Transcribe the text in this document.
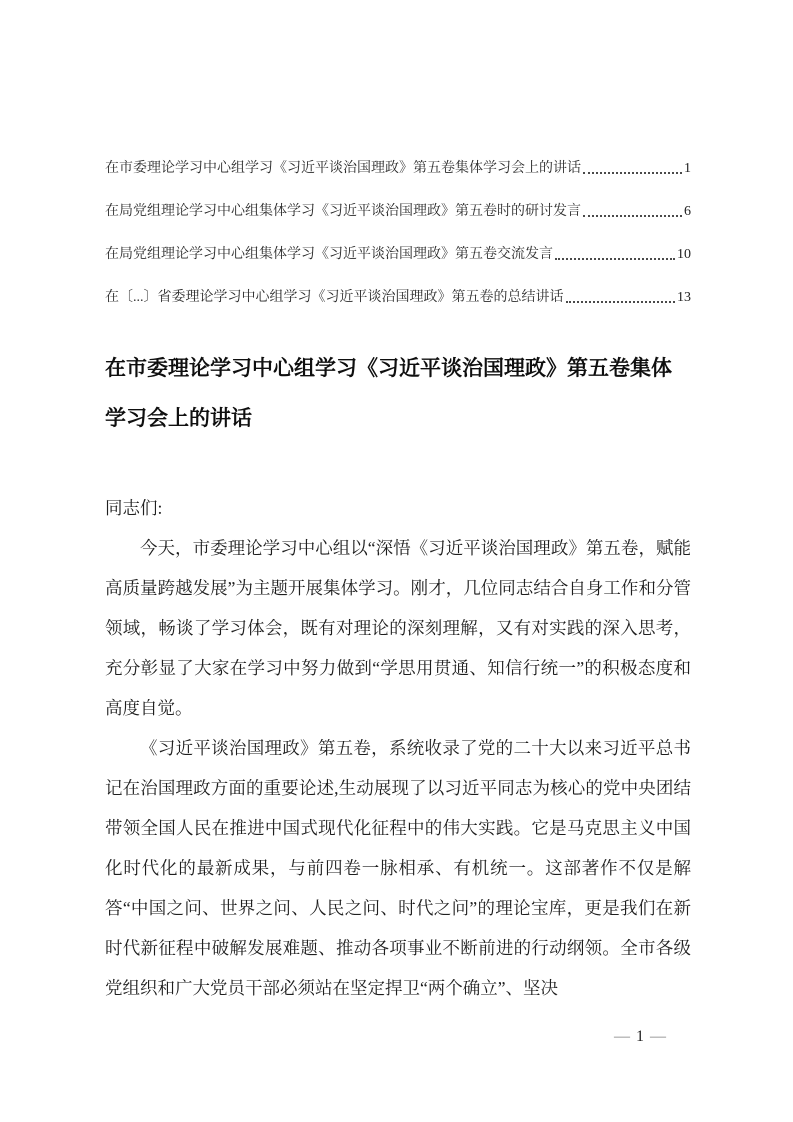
在市委理论学习中心组学习《习近平谈治国理政》第五卷集体学习会上的讲话	1
在局党组理论学习中心组集体学习《习近平谈治国理政》第五卷时的研讨发言	6
在局党组理论学习中心组集体学习《习近平谈治国理政》第五卷交流发言	10
在〔...〕省委理论学习中心组学习《习近平谈治国理政》第五卷的总结讲话	13
在市委理论学习中心组学习《习近平谈治国理政》第五卷集体学习会上的讲话

同志们:

今天，市委理论学习中心组以“深悟《习近平谈治国理政》第五卷，赋能高质量跨越发展”为主题开展集体学习。刚才，几位同志结合自身工作和分管领域，畅谈了学习体会，既有对理论的深刻理解，又有对实践的深入思考，充分彰显了大家在学习中努力做到“学思用贯通、知信行统一”的积极态度和高度自觉。

《习近平谈治国理政》第五卷，系统收录了党的二十大以来习近平总书记在治国理政方面的重要论述,生动展现了以习近平同志为核心的党中央团结带领全国人民在推进中国式现代化征程中的伟大实践。它是马克思主义中国化时代化的最新成果，与前四卷一脉相承、有机统一。这部著作不仅是解答“中国之问、世界之问、人民之问、时代之问”的理论宝库，更是我们在新时代新征程中破解发展难题、推动各项事业不断前进的行动纲领。全市各级党组织和广大党员干部必须站在坚定捍卫“两个确立”、坚决

— 1 —
